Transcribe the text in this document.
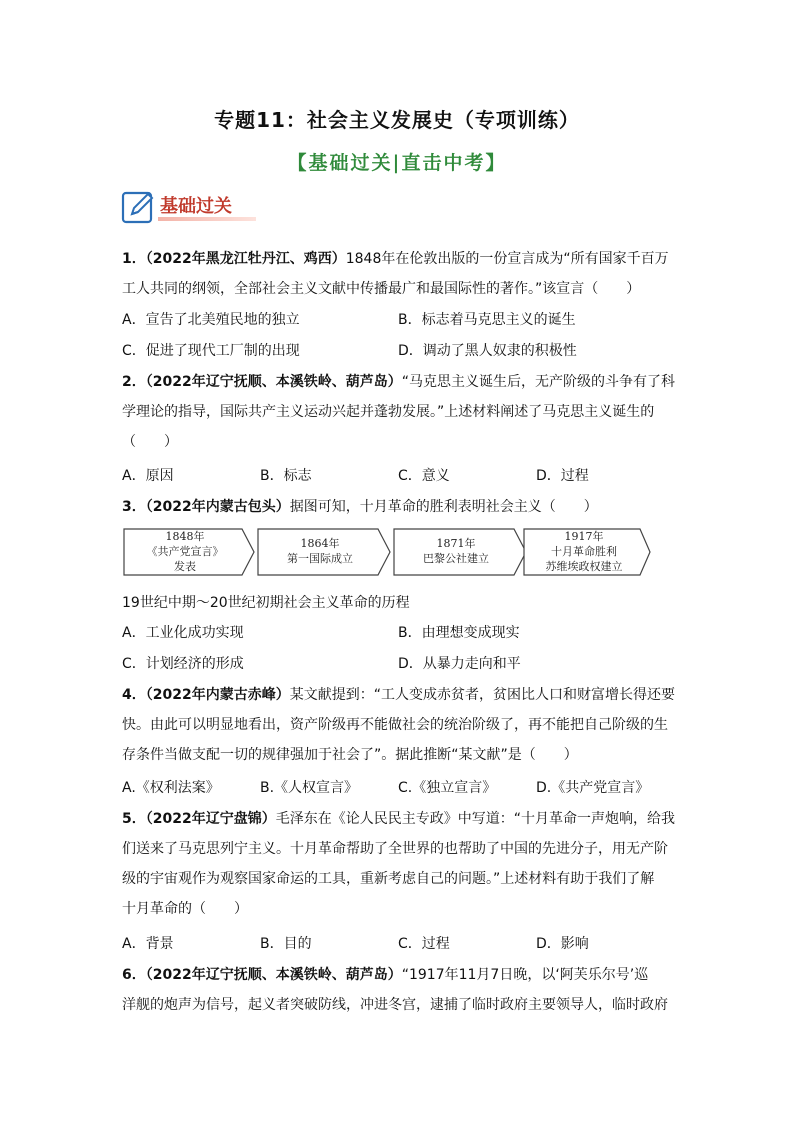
专题11：社会主义发展史（专项训练）
【基础过关|直击中考】
基础过关
1．（2022年黑龙江牡丹江、鸡西）1848年在伦敦出版的一份宣言成为“所有国家千百万
工人共同的纲领，全部社会主义文献中传播最广和最国际性的著作。”该宣言（　　）
A．宣告了北美殖民地的独立	B．标志着马克思主义的诞生
C．促进了现代工厂制的出现	D．调动了黑人奴隶的积极性
2．（2022年辽宁抚顺、本溪铁岭、葫芦岛）“马克思主义诞生后，无产阶级的斗争有了科
学理论的指导，国际共产主义运动兴起并蓬勃发展。”上述材料阐述了马克思主义诞生的
（　　）
A．原因	B．标志	C．意义	D．过程
3．（2022年内蒙古包头）据图可知，十月革命的胜利表明社会主义（　　）
1848年
《共产党宣言》
发表
1864年
第一国际成立
1871年
巴黎公社建立
1917年
十月革命胜利
苏维埃政权建立
19世纪中期～20世纪初期社会主义革命的历程
A．工业化成功实现	B．由理想变成现实
C．计划经济的形成	D．从暴力走向和平
4．（2022年内蒙古赤峰）某文献提到：“工人变成赤贫者，贫困比人口和财富增长得还要
快。由此可以明显地看出，资产阶级再不能做社会的统治阶级了，再不能把自己阶级的生
存条件当做支配一切的规律强加于社会了”。据此推断“某文献”是（　　）
A.《权利法案》	B.《人权宣言》	C.《独立宣言》	D.《共产党宣言》
5．（2022年辽宁盘锦）毛泽东在《论人民民主专政》中写道：“十月革命一声炮响，给我
们送来了马克思列宁主义。十月革命帮助了全世界的也帮助了中国的先进分子，用无产阶
级的宇宙观作为观察国家命运的工具，重新考虑自己的问题。”上述材料有助于我们了解
十月革命的（　　）
A．背景	B．目的	C．过程	D．影响
6．（2022年辽宁抚顺、本溪铁岭、葫芦岛）“1917年11月7日晚，以‘阿芙乐尔号’巡
洋舰的炮声为信号，起义者突破防线，冲进冬宫，逮捕了临时政府主要领导人，临时政府
